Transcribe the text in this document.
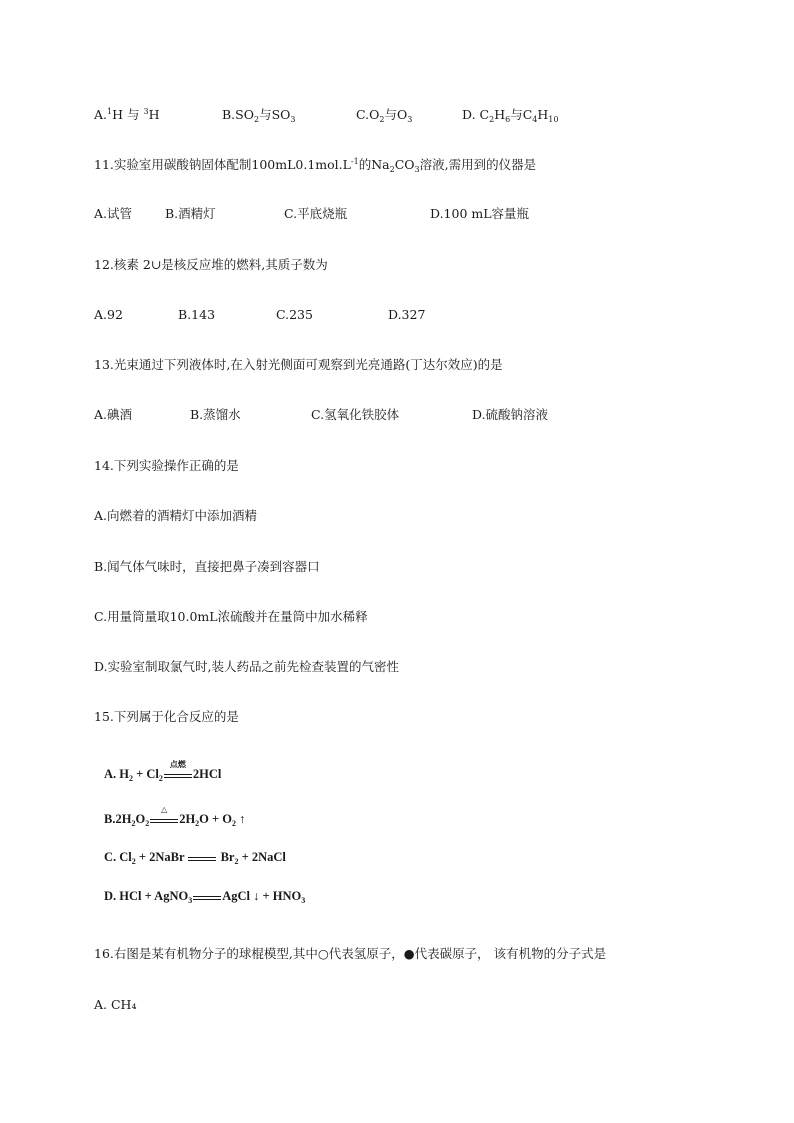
A.$^1$H 与 $^3$H	$B.SO_2$与$SO_3$	$C.O_2$与$O_3$	D. $C_2H_6$与$C_4H_{10}$
11.实验室用碳酸钠固体配制$100mL0.1mol.L^{-1}$的$Na_2CO_3$溶液,需用到的仪器是
A.试管	B.酒精灯	C.平底烧瓶	D.100 mL容量瓶
12.核素 2∪是核反应堆的燃料,其质子数为
A.92	B.143	C.235	D.327
13.光束通过下列液体时,在入射光侧面可观察到光亮通路(丁达尔效应)的是
A.碘酒	B.蒸馏水	C.氢氧化铁胶体	D.硫酸钠溶液
14.下列实验操作正确的是
A.向燃着的酒精灯中添加酒精
B.闻气体气味时，直接把鼻子凑到容器口
C.用量筒量取10.0mL浓硫酸并在量筒中加水稀释
D.实验室制取氯气时,装人药品之前先检查装置的气密性
15.下列属于化合反应的是
A. $H_2 + Cl_2$
点燃
2HCl
$B.2H_2O_2$
△
$2H_2O + O_2$ ↑
C. $Cl_2$ + 2NaBr
$Br_2$ + 2NaCl
D. HCl + AgNO$_3$ AgCl ↓ + $HNO_3$
16.右图是某有机物分子的球棍模型,其中○代表氢原子，●代表碳原子， 该有机物的分子式是
A. CH₄
